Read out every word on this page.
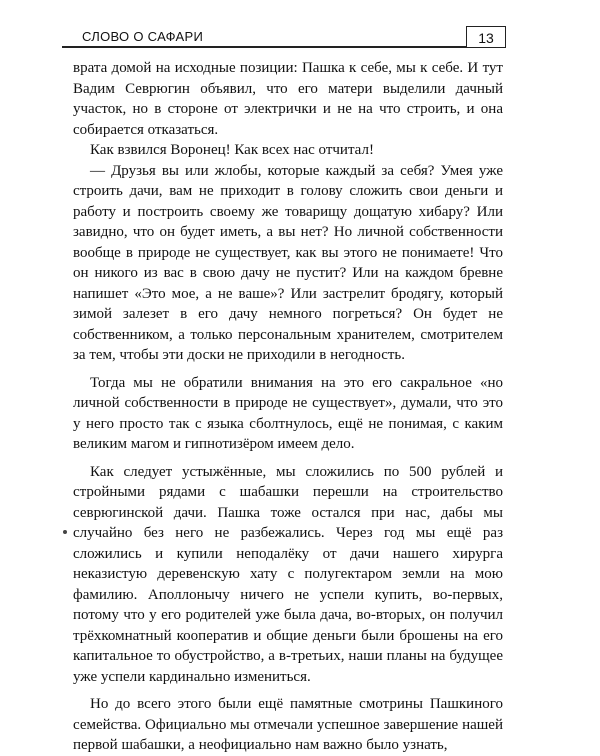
СЛОВО О САФАРИ	13

врата домой на исходные позиции: Пашка к себе, мы к себе. И тут Вадим Севрюгин объявил, что его матери выделили дачный участок, но в стороне от электрички и не на что строить, и она собирается отказаться.

Как взвился Воронец! Как всех нас отчитал!

— Друзья вы или жлобы, которые каждый за себя? Умея уже строить дачи, вам не приходит в голову сложить свои деньги и работу и построить своему же товарищу дощатую хибару? Или завидно, что он будет иметь, а вы нет? Но личной собственности вообще в природе не существует, как вы этого не понимаете! Что он никого из вас в свою дачу не пустит? Или на каждом бревне напишет «Это мое, а не ваше»? Или застрелит бродягу, который зимой залезет в его дачу немного погреться? Он будет не собственником, а только персональным хранителем, смотрителем за тем, чтобы эти доски не приходили в негодность.

Тогда мы не обратили внимания на это его сакральное «но личной собственности в природе не существует», думали, что это у него просто так с языка сболтнулось, ещё не понимая, с каким великим магом и гипнотизёром имеем дело.

Как следует устыжённые, мы сложились по 500 рублей и стройными рядами с шабашки перешли на строительство севрюгинской дачи. Пашка тоже остался при нас, дабы мы случайно без него не разбежались. Через год мы ещё раз сложились и купили неподалёку от дачи нашего хирурга неказистую деревенскую хату с полугектаром земли на мою фамилию. Аполлонычу ничего не успели купить, во-первых, потому что у его родителей уже была дача, во-вторых, он получил трёхкомнатный кооператив и общие деньги были брошены на его капитальное то обустройство, а в-третьих, наши планы на будущее уже успели кардинально измениться.

Но до всего этого были ещё памятные смотрины Пашкиного семейства. Официально мы отмечали успешное завершение нашей первой шабашки, а неофициально нам важно было узнать,
